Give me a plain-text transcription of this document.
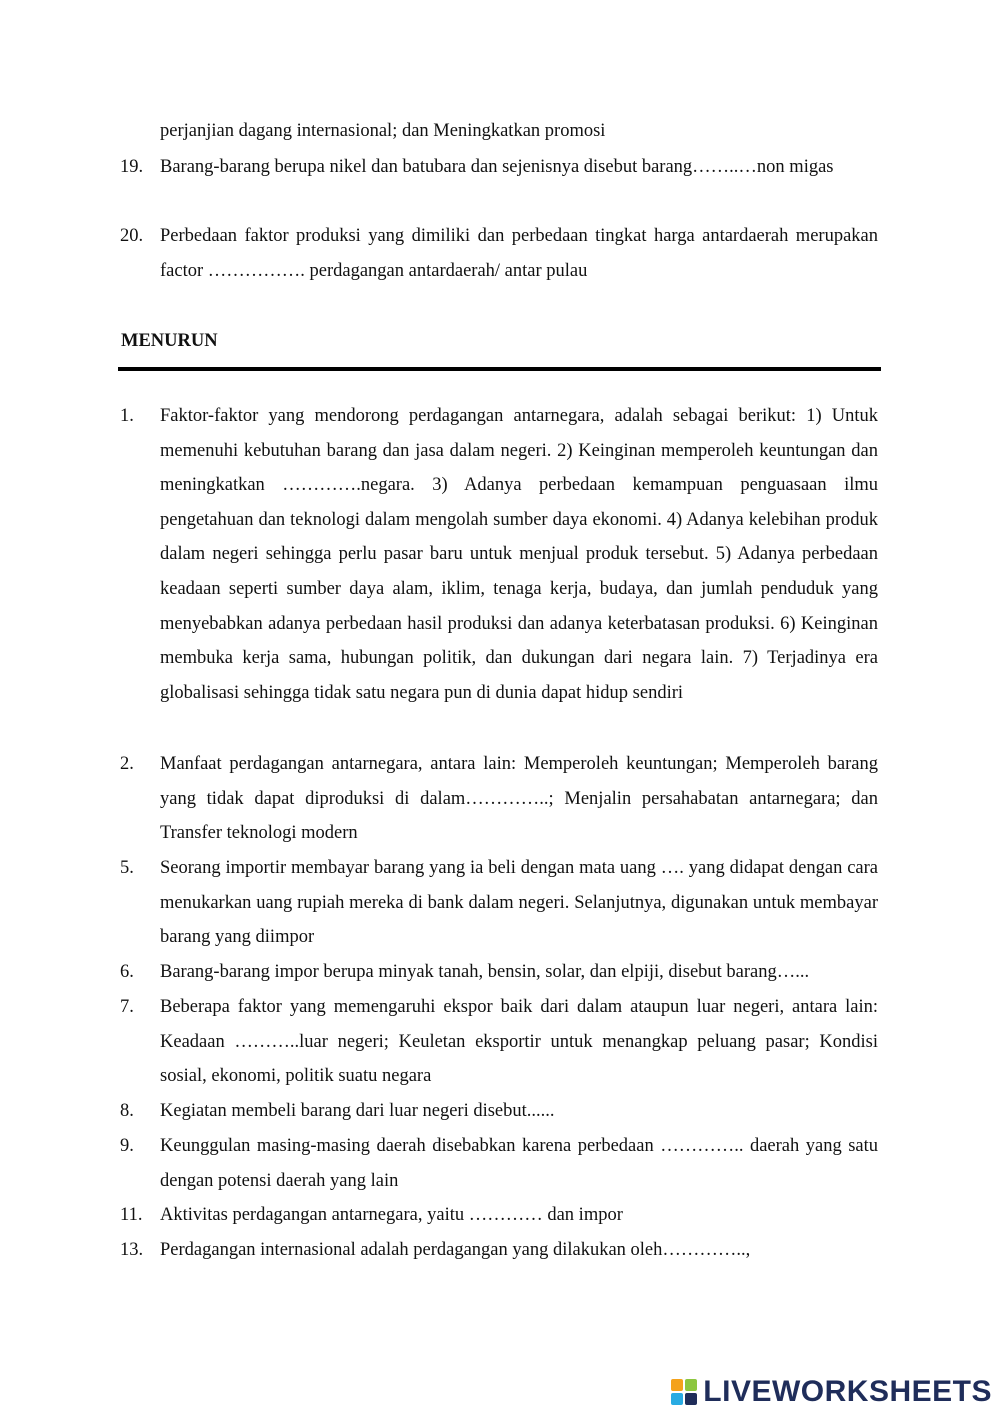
perjanjian dagang internasional; dan Meningkatkan promosi

19. Barang-barang berupa nikel dan batubara dan sejenisnya disebut barang……..…non migas
20. Perbedaan faktor produksi yang dimiliki dan perbedaan tingkat harga antardaerah merupakan factor ……………. perdagangan antardaerah/ antar pulau

MENURUN

1.	Faktor-faktor yang mendorong perdagangan antarnegara, adalah sebagai berikut: 1) Untuk memenuhi kebutuhan barang dan jasa dalam negeri. 2) Keinginan memperoleh keuntungan dan meningkatkan ………….negara. 3) Adanya perbedaan kemampuan penguasaan ilmu pengetahuan dan teknologi dalam mengolah sumber daya ekonomi. 4) Adanya kelebihan produk dalam negeri sehingga perlu pasar baru untuk menjual produk tersebut. 5) Adanya perbedaan keadaan seperti sumber daya alam, iklim, tenaga kerja, budaya, dan jumlah penduduk yang menyebabkan adanya perbedaan hasil produksi dan adanya keterbatasan produksi. 6) Keinginan membuka kerja sama, hubungan politik, dan dukungan dari negara lain. 7) Terjadinya era globalisasi sehingga tidak satu negara pun di dunia dapat hidup sendiri
2.	Manfaat perdagangan antarnegara, antara lain: Memperoleh keuntungan; Memperoleh barang yang tidak dapat diproduksi di dalam…………..; Menjalin persahabatan antarnegara; dan Transfer teknologi modern
5.	Seorang importir membayar barang yang ia beli dengan mata uang …. yang didapat dengan cara menukarkan uang rupiah mereka di bank dalam negeri. Selanjutnya, digunakan untuk membayar barang yang diimpor
6.	Barang-barang impor berupa minyak tanah, bensin, solar, dan elpiji, disebut barang…...
7.	Beberapa faktor yang memengaruhi ekspor baik dari dalam ataupun luar negeri, antara lain: Keadaan ………..luar negeri; Keuletan eksportir untuk menangkap peluang pasar; Kondisi sosial, ekonomi, politik suatu negara
8.	Kegiatan membeli barang dari luar negeri disebut......
9.	Keunggulan masing-masing daerah disebabkan karena perbedaan ………….. daerah yang satu dengan potensi daerah yang lain
11. Aktivitas perdagangan antarnegara, yaitu ………… dan impor
13. Perdagangan internasional adalah perdagangan yang dilakukan oleh…………..,
LIVEWORKSHEETS
